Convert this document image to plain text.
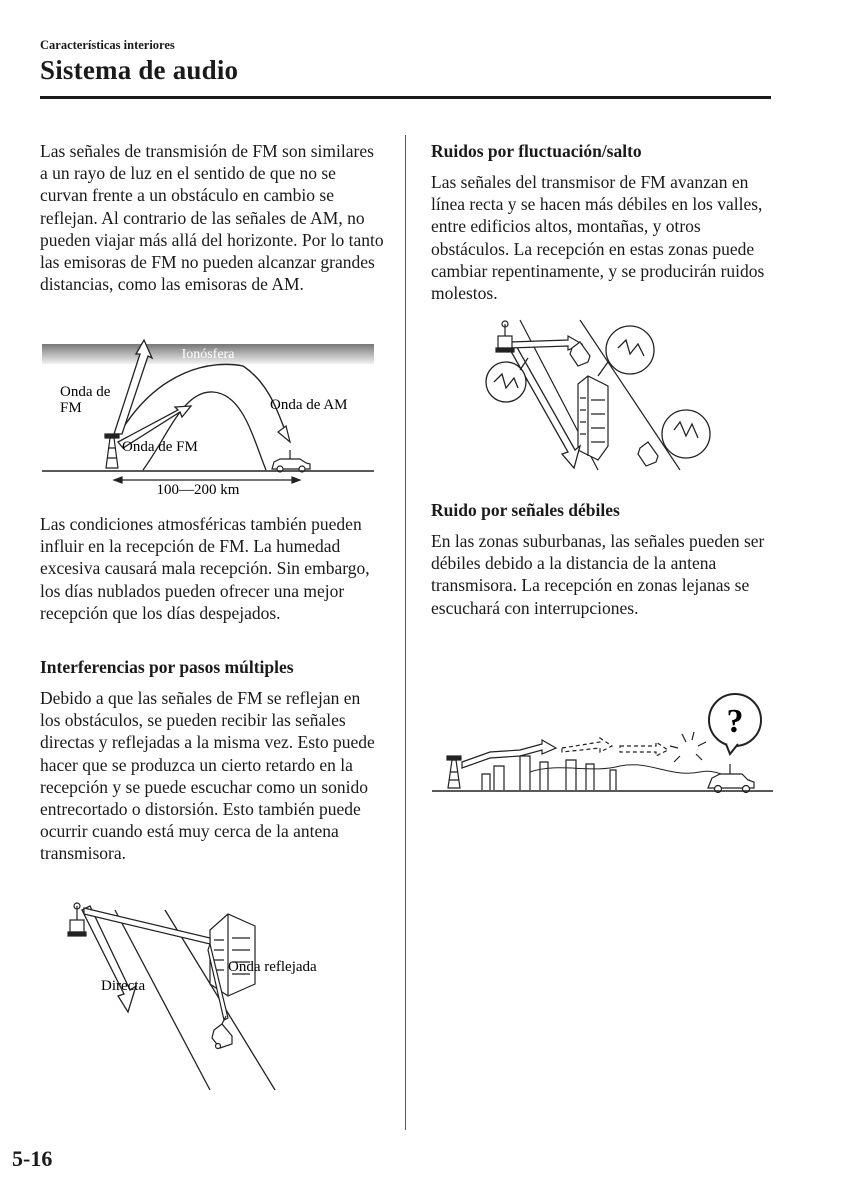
Características interiores
Sistema de audio

Las señales de transmisión de FM son similares a un rayo de luz en el sentido de que no se curvan frente a un obstáculo en cambio se reflejan. Al contrario de las señales de AM, no pueden viajar más allá del horizonte. Por lo tanto las emisoras de FM no pueden alcanzar grandes distancias, como las emisoras de AM.

Ionósfera
Onda de
FM
Onda de FM
Onda de AM
100—200 km

Las condiciones atmosféricas también pueden influir en la recepción de FM. La humedad excesiva causará mala recepción. Sin embargo, los días nublados pueden ofrecer una mejor recepción que los días despejados.

Interferencias por pasos múltiples

Debido a que las señales de FM se reflejan en los obstáculos, se pueden recibir las señales directas y reflejadas a la misma vez. Esto puede hacer que se produzca un cierto retardo en la recepción y se puede escuchar como un sonido entrecortado o distorsión. Esto también puede ocurrir cuando está muy cerca de la antena transmisora.

Onda reflejada
Directa
Ruidos por fluctuación/salto

Las señales del transmisor de FM avanzan en línea recta y se hacen más débiles en los valles, entre edificios altos, montañas, y otros obstáculos. La recepción en estas zonas puede cambiar repentinamente, y se producirán ruidos molestos.

Ruido por señales débiles

En las zonas suburbanas, las señales pueden ser débiles debido a la distancia de la antena transmisora. La recepción en zonas lejanas se escuchará con interrupciones.

?
5-16
